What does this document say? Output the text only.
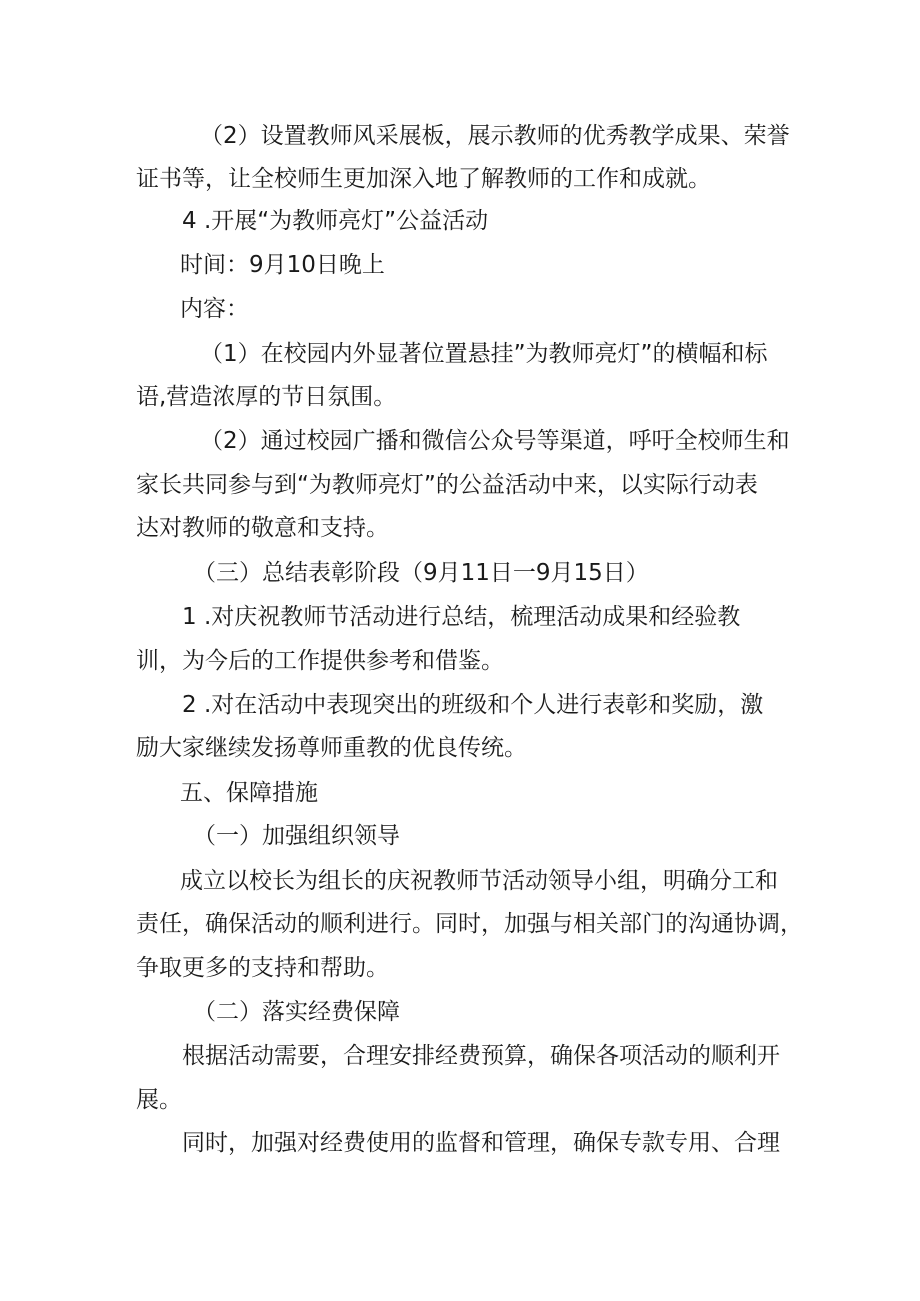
（2）设置教师风采展板，展示教师的优秀教学成果、荣誉
证书等，让全校师生更加深入地了解教师的工作和成就。
4 .开展“为教师亮灯”公益活动
时间：9月10日晚上
内容：
（1）在校园内外显著位置悬挂”为教师亮灯”的横幅和标
语,营造浓厚的节日氛围。
（2）通过校园广播和微信公众号等渠道，呼吁全校师生和
家长共同参与到“为教师亮灯”的公益活动中来，以实际行动表
达对教师的敬意和支持。
（三）总结表彰阶段（9月11日一9月15日）
1 .对庆祝教师节活动进行总结，梳理活动成果和经验教
训，为今后的工作提供参考和借鉴。
2 .对在活动中表现突出的班级和个人进行表彰和奖励，激
励大家继续发扬尊师重教的优良传统。
五、保障措施
（一）加强组织领导
成立以校长为组长的庆祝教师节活动领导小组，明确分工和
责任，确保活动的顺利进行。同时，加强与相关部门的沟通协调，
争取更多的支持和帮助。
（二）落实经费保障
根据活动需要，合理安排经费预算，确保各项活动的顺利开
展。
同时，加强对经费使用的监督和管理，确保专款专用、合理
